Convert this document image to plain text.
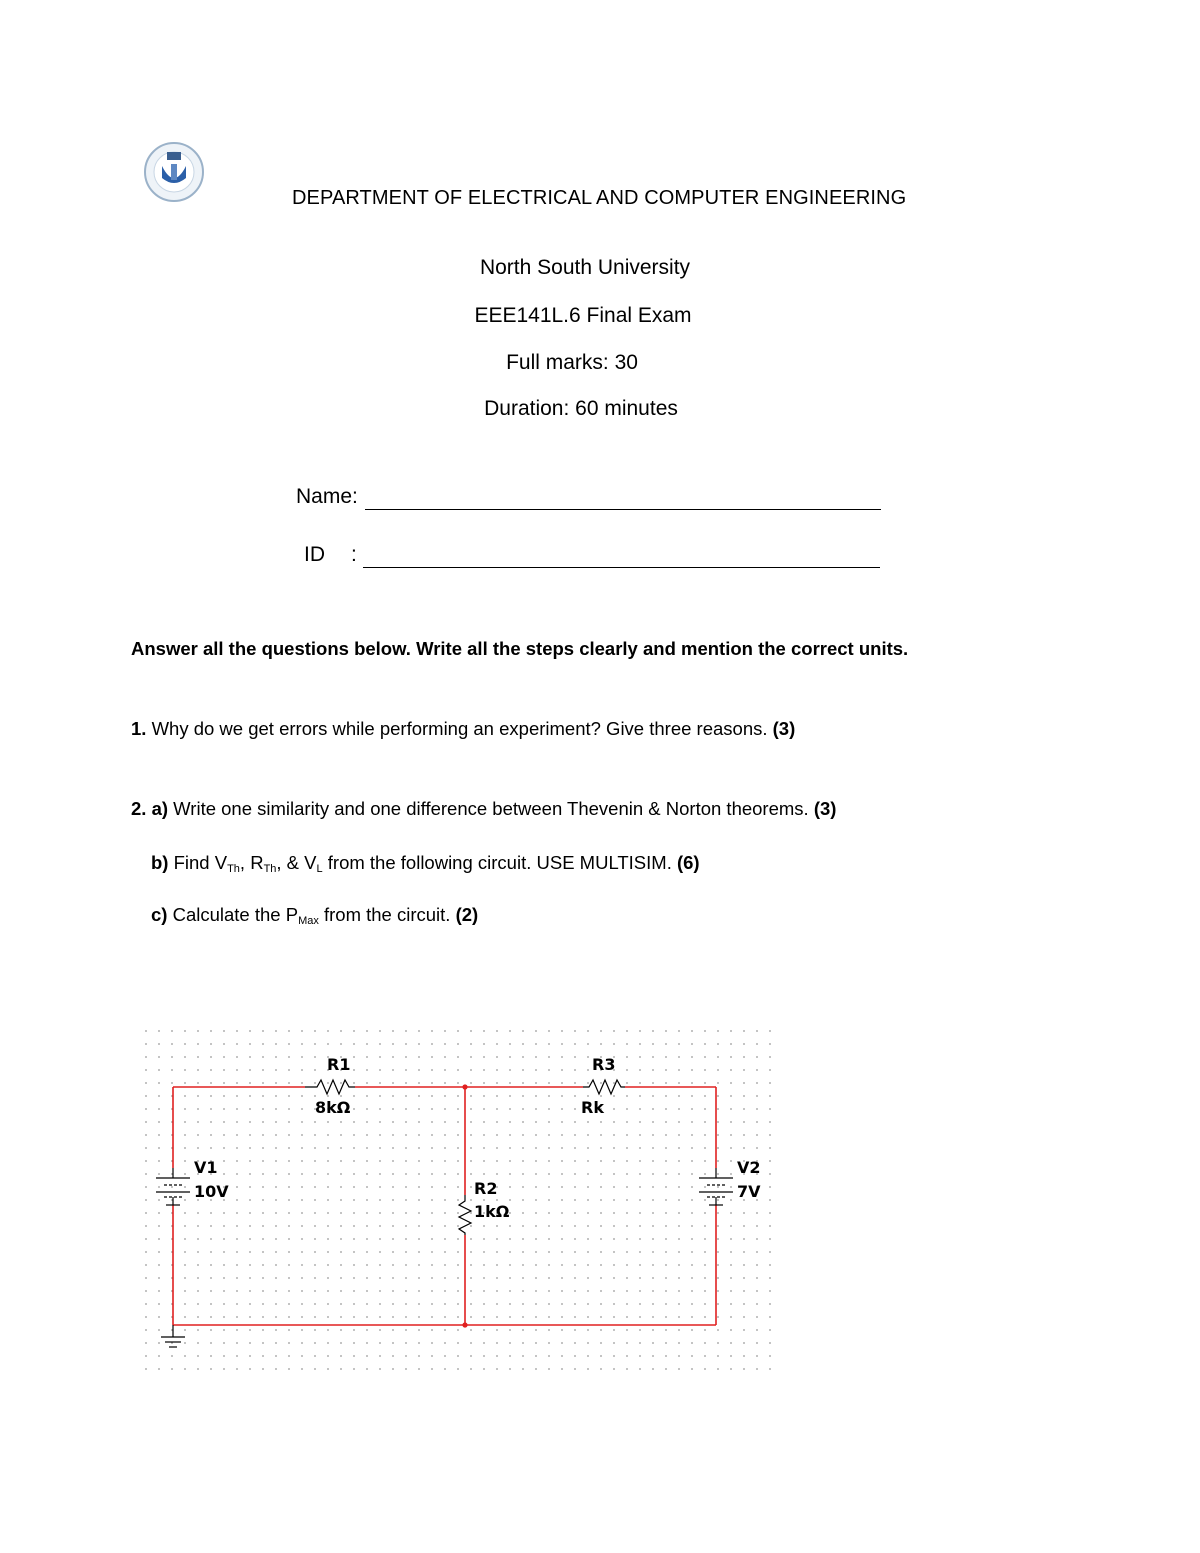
DEPARTMENT OF ELECTRICAL AND COMPUTER ENGINEERING
North South University
EEE141L.6 Final Exam
Full marks: 30
Duration: 60 minutes
Name:
ID :
Answer all the questions below. Write all the steps clearly and mention the correct units.
1. Why do we get errors while performing an experiment? Give three reasons. (3)
2. a) Write one similarity and one difference between Thevenin & Norton theorems. (3)
b) Find $V_{Th}$, $R_{Th}$, & $V_L$ from the following circuit. USE MULTISIM. (6)
c) Calculate the $P_{Max}$ from the circuit. (2)
R1
8kΩ
R3
Rk
R2
1kΩ
V1
10V
V2
7V
